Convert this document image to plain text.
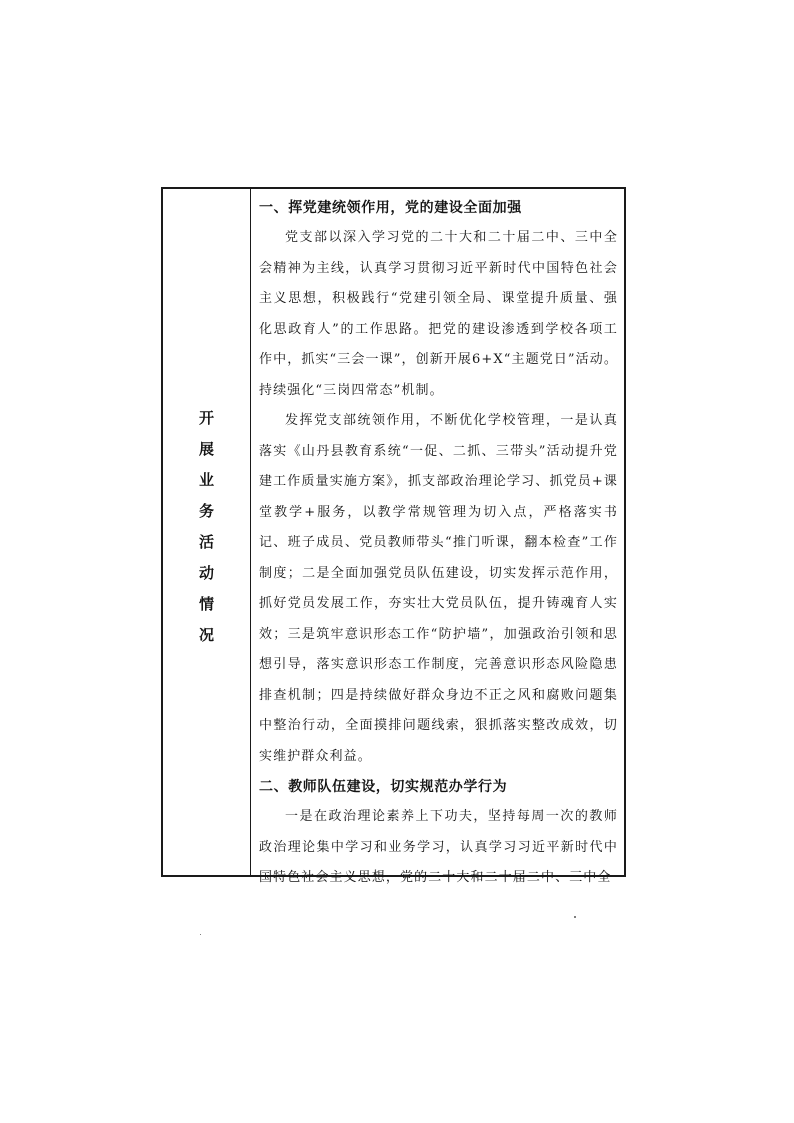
开展业务活动情况
一、挥党建统领作用，党的建设全面加强

党支部以深入学习党的二十大和二十届二中、三中全会精神为主线，认真学习贯彻习近平新时代中国特色社会主义思想，积极践行“党建引领全局、课堂提升质量、强化思政育人”的工作思路。把党的建设渗透到学校各项工作中，抓实“三会一课”，创新开展6+X“主题党日”活动。持续强化“三岗四常态”机制。

发挥党支部统领作用，不断优化学校管理，一是认真落实《山丹县教育系统“一促、二抓、三带头”活动提升党建工作质量实施方案》，抓支部政治理论学习、抓党员+课堂教学+服务，以教学常规管理为切入点，严格落实书记、班子成员、党员教师带头“推门听课，翻本检查”工作制度；二是全面加强党员队伍建设，切实发挥示范作用，抓好党员发展工作，夯实壮大党员队伍，提升铸魂育人实效；三是筑牢意识形态工作“防护墙”，加强政治引领和思想引导，落实意识形态工作制度，完善意识形态风险隐患排查机制；四是持续做好群众身边不正之风和腐败问题集中整治行动，全面摸排问题线索，狠抓落实整改成效，切实维护群众利益。

二、教师队伍建设，切实规范办学行为

一是在政治理论素养上下功夫，坚持每周一次的教师政治理论集中学习和业务学习，认真学习习近平新时代中国特色社会主义思想，党的二十大和二十届二中、三中全
